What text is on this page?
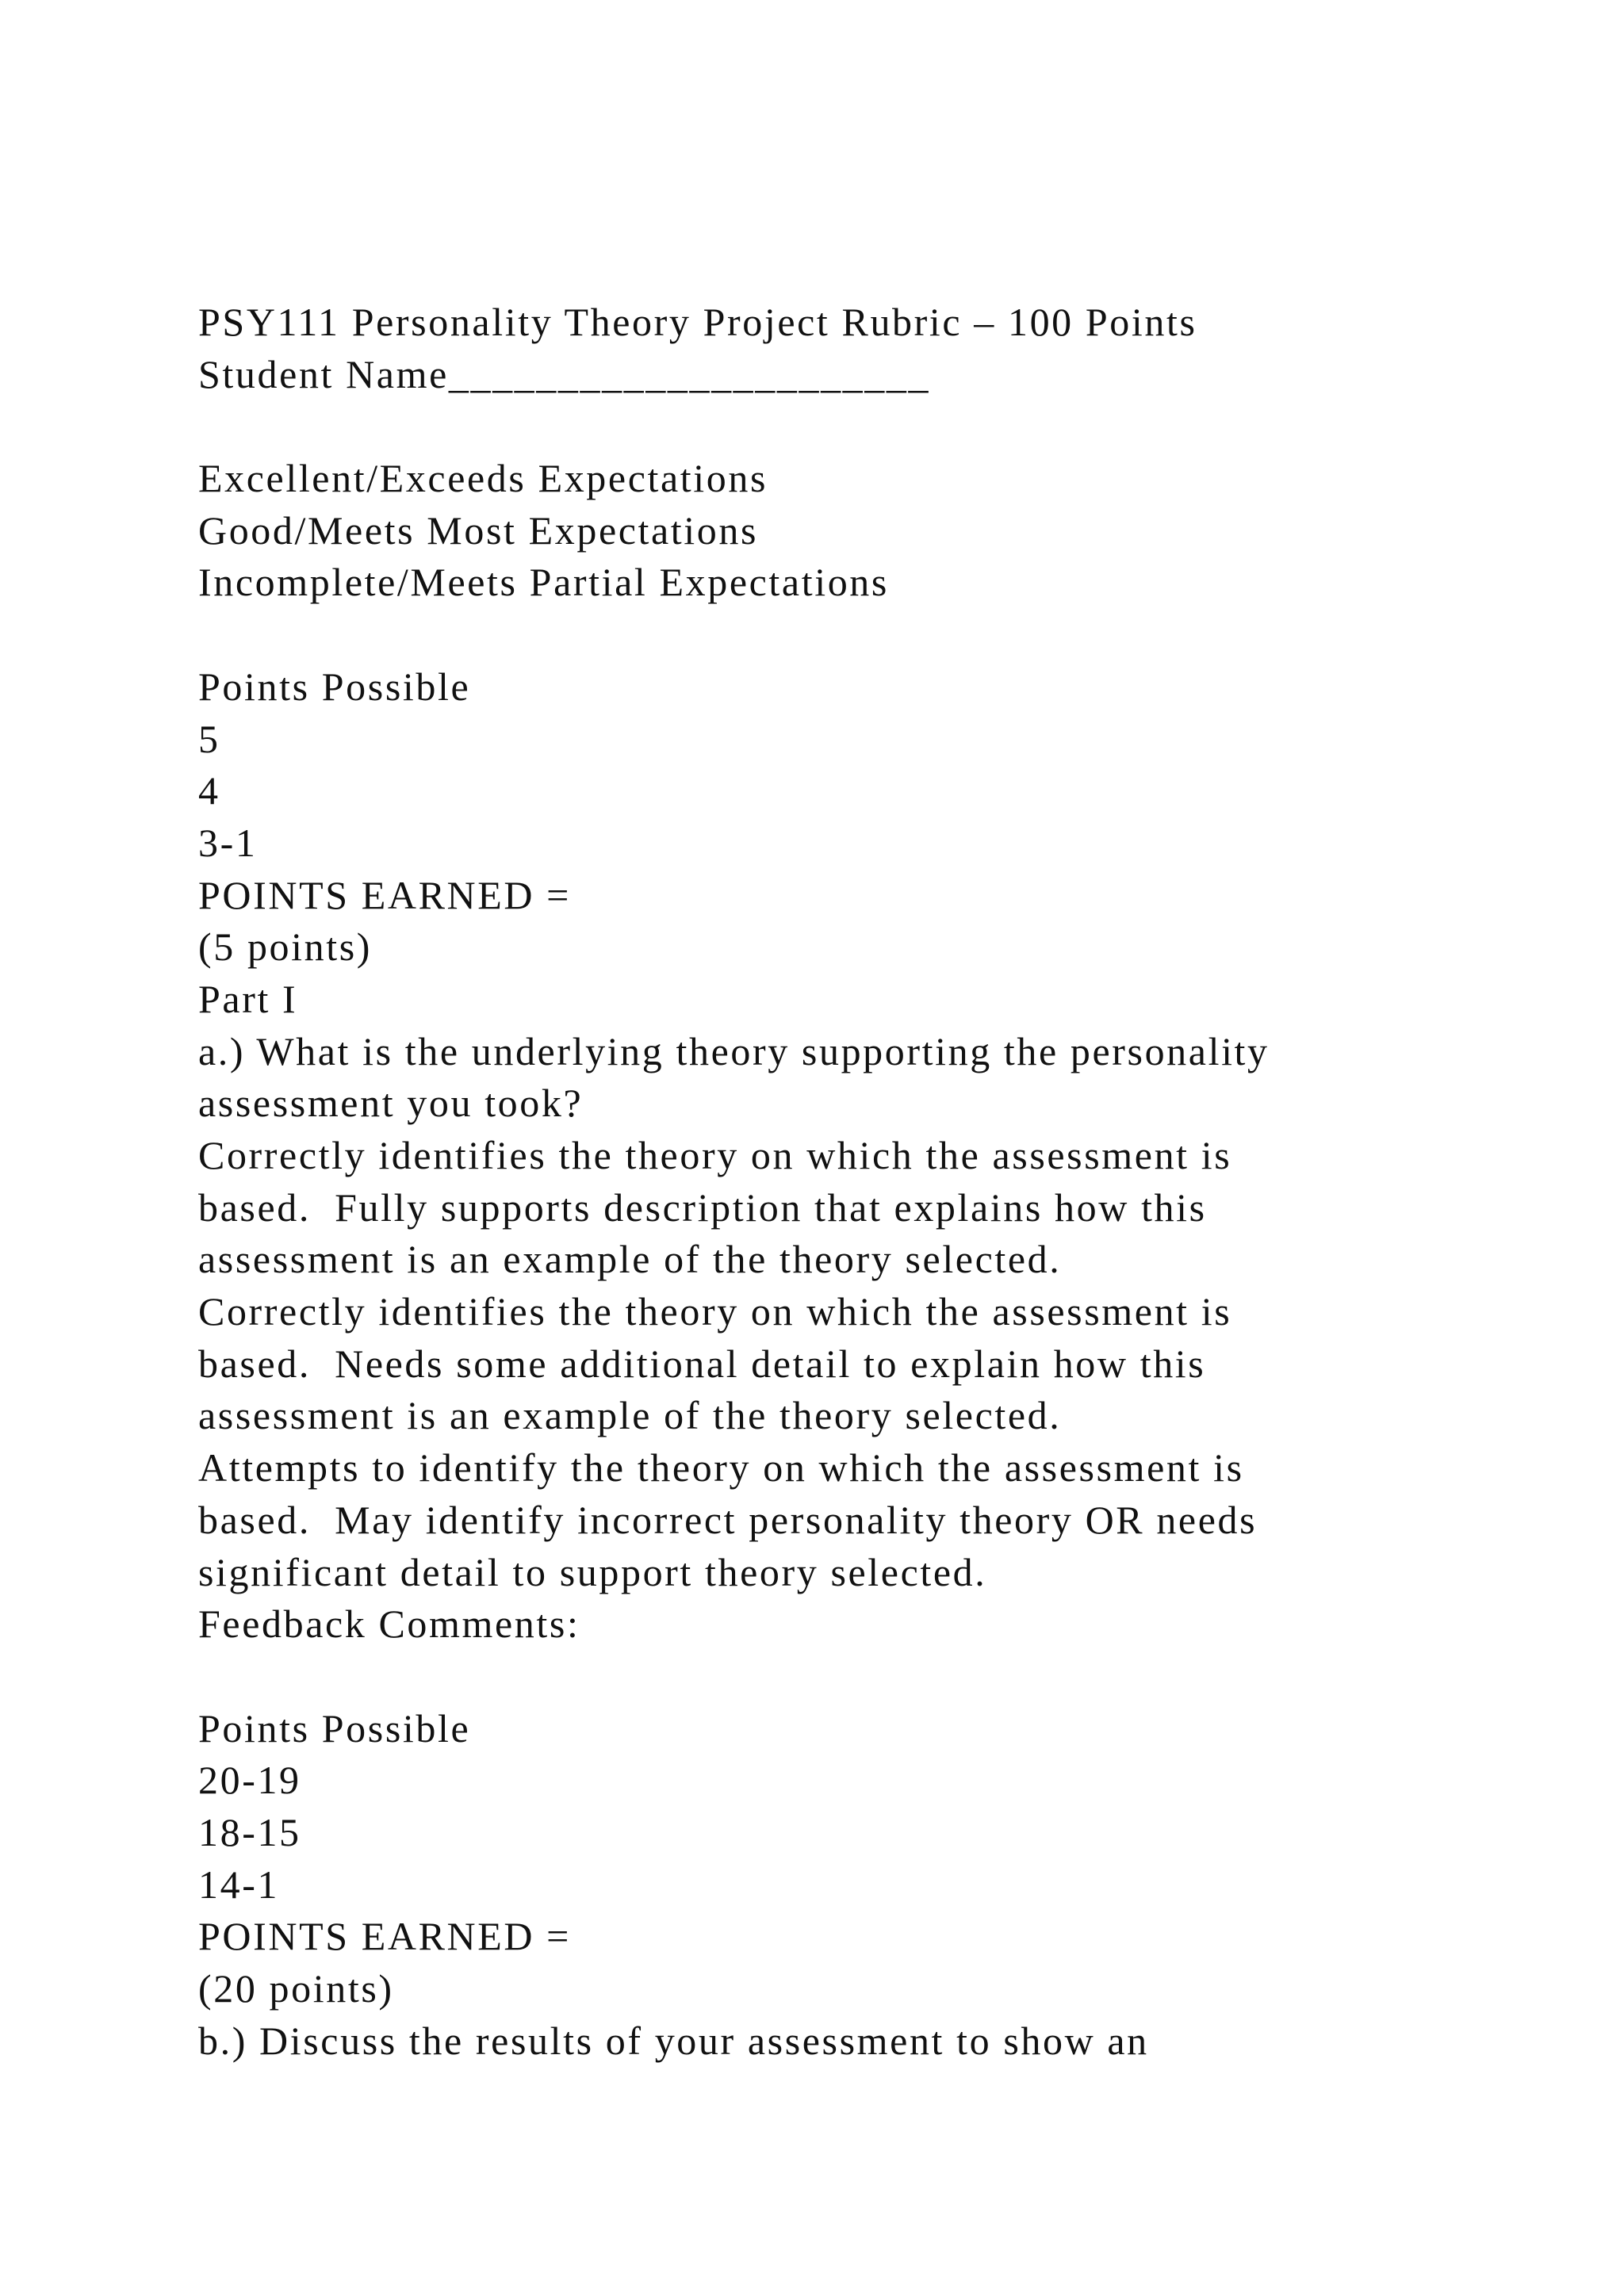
PSY111 Personality Theory Project Rubric – 100 Points
Student Name______________________
Excellent/Exceeds Expectations
Good/Meets Most Expectations
Incomplete/Meets Partial Expectations
Points Possible
5
4
3-1
POINTS EARNED =
(5 points)
Part I
a.) What is the underlying theory supporting the personality
assessment you took?
Correctly identifies the theory on which the assessment is
based.  Fully supports description that explains how this
assessment is an example of the theory selected.
Correctly identifies the theory on which the assessment is
based.  Needs some additional detail to explain how this
assessment is an example of the theory selected.
Attempts to identify the theory on which the assessment is
based.  May identify incorrect personality theory OR needs
significant detail to support theory selected.
Feedback Comments:
Points Possible
20-19
18-15
14-1
POINTS EARNED =
(20 points)
b.) Discuss the results of your assessment to show an
